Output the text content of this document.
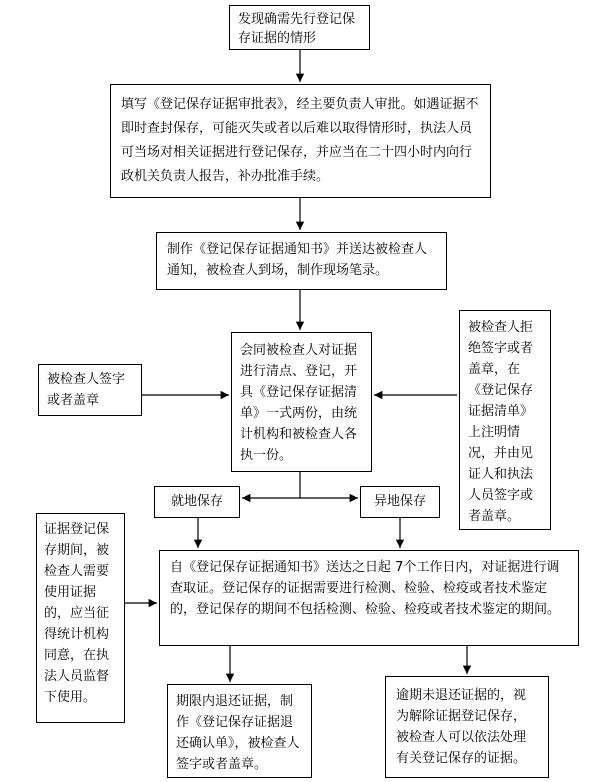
发现确需先行登记保存证据的情形
填写《登记保存证据审批表》，经主要负责人审批。如遇证据不即时查封保存，可能灭失或者以后难以取得情形时，执法人员可当场对相关证据进行登记保存，并应当在二十四小时内向行政机关负责人报告，补办批准手续。
制作《登记保存证据通知书》并送达被检查人通知，被检查人到场，制作现场笔录。
会同被检查人对证据进行清点、登记，开具《登记保存证据清单》一式两份，由统计机构和被检查人各执一份。
被检查人签字或者盖章
被检查人拒绝签字或者盖章，在《登记保存证据清单》上注明情况，并由见证人和执法人员签字或者盖章。
就地保存	异地保存
证据登记保存期间，被检查人需要使用证据的，应当征得统计机构同意，在执法人员监督下使用。
自《登记保存证据通知书》送达之日起 7个工作日内，对证据进行调查取证。登记保存的证据需要进行检测、检验、检疫或者技术鉴定的，登记保存的期间不包括检测、检验、检疫或者技术鉴定的期间。
期限内退还证据，制作《登记保存证据退还确认单》，被检查人签字或者盖章。
逾期未退还证据的，视为解除证据登记保存，被检查人可以依法处理有关登记保存的证据。
